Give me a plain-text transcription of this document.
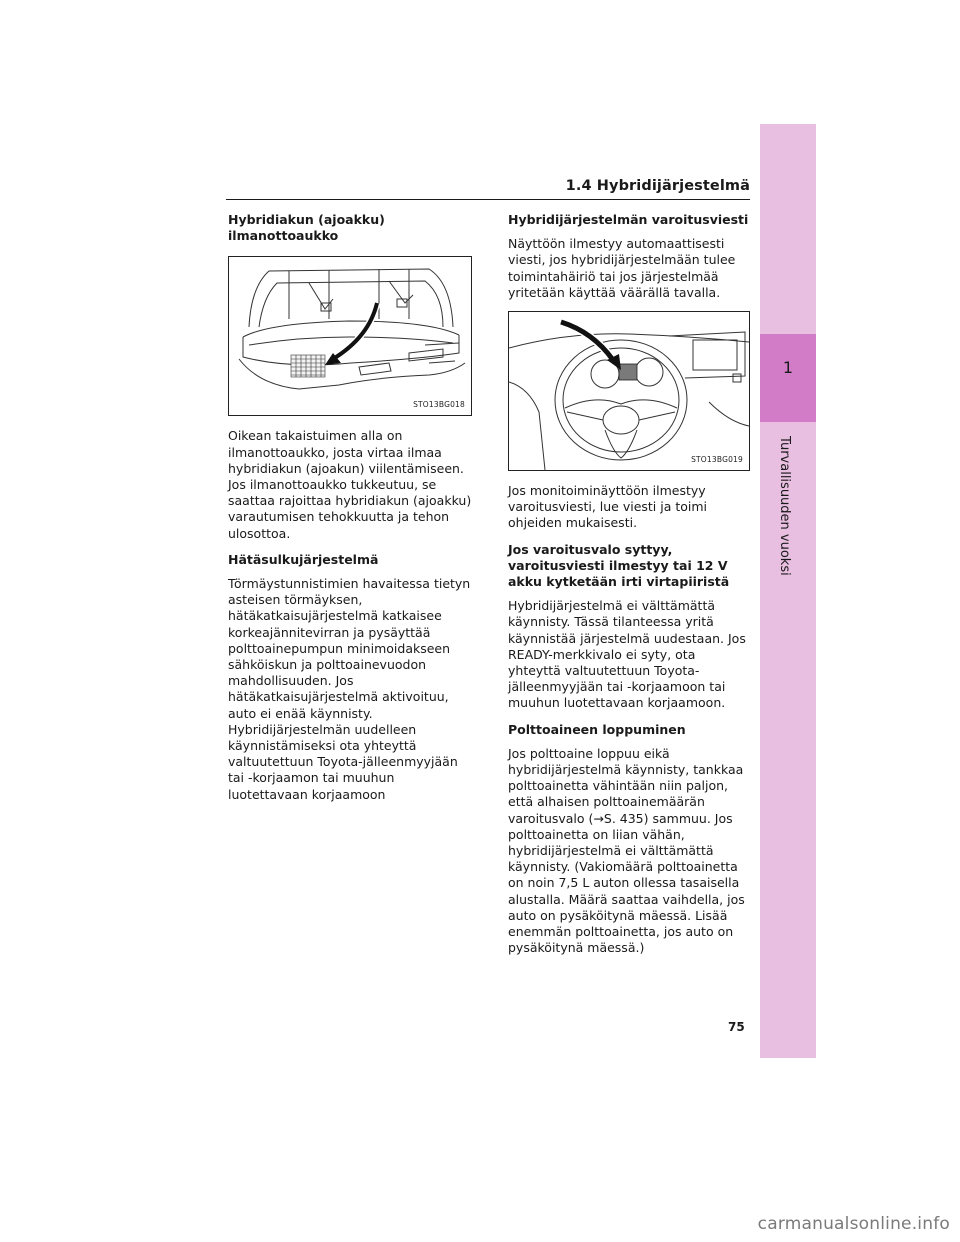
1.4 Hybridijärjestelmä
Hybridiakun (ajoakku) ilmanottoaukko
STO13BG018
Oikean takaistuimen alla on ilmanottoaukko, josta virtaa ilmaa hybridiakun (ajoakun) viilentämiseen. Jos ilmanottoaukko tukkeutuu, se saattaa rajoittaa hybridiakun (ajoakku) varautumisen tehokkuutta ja tehon ulosottoa.
Hätäsulkujärjestelmä
Törmäystunnistimien havaitessa tietyn asteisen törmäyksen, hätäkatkaisujärjestelmä katkaisee korkeajännitevirran ja pysäyttää polttoainepumpun minimoidakseen sähköiskun ja polttoainevuodon mahdollisuuden. Jos hätäkatkaisujärjestelmä aktivoituu, auto ei enää käynnisty. Hybridijärjestelmän uudelleen käynnistämiseksi ota yhteyttä valtuutettuun Toyota-jälleenmyyjään tai -korjaamon tai muuhun luotettavaan korjaamoon
Hybridijärjestelmän varoitusviesti
Näyttöön ilmestyy automaattisesti viesti, jos hybridijärjestelmään tulee toimintahäiriö tai jos järjestelmää yritetään käyttää väärällä tavalla.
STO13BG019
Jos monitoiminäyttöön ilmestyy varoitusviesti, lue viesti ja toimi ohjeiden mukaisesti.
Jos varoitusvalo syttyy, varoitusviesti ilmestyy tai 12 V akku kytketään irti virtapiiristä
Hybridijärjestelmä ei välttämättä käynnisty. Tässä tilanteessa yritä käynnistää järjestelmä uudestaan. Jos READY-merkkivalo ei syty, ota yhteyttä valtuutettuun Toyota-jälleenmyyjään tai -korjaamoon tai muuhun luotettavaan korjaamoon.
Polttoaineen loppuminen
Jos polttoaine loppuu eikä hybridijärjestelmä käynnisty, tankkaa polttoainetta vähintään niin paljon, että alhaisen polttoainemäärän varoitusvalo (→S. 435) sammuu. Jos polttoainetta on liian vähän, hybridijärjestelmä ei välttämättä käynnisty. (Vakiomäärä polttoainetta on noin 7,5 L auton ollessa tasaisella alustalla. Määrä saattaa vaihdella, jos auto on pysäköitynä mäessä. Lisää enemmän polttoainetta, jos auto on pysäköitynä mäessä.)
1
Turvallisuuden vuoksi
75
carmanualsonline.info
